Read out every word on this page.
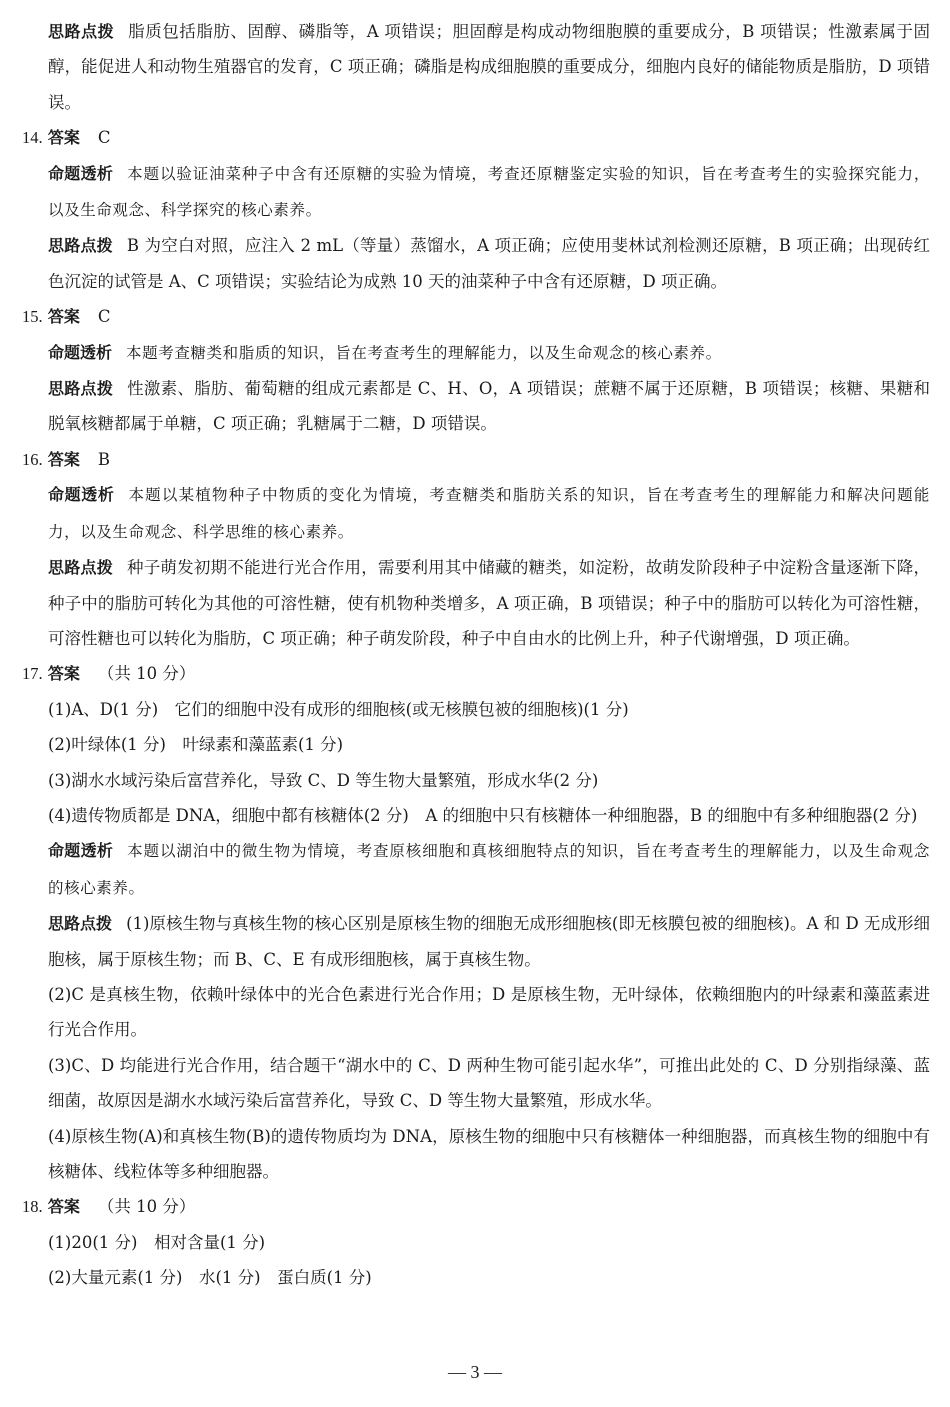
思路点拨 脂质包括脂肪、固醇、磷脂等，A 项错误；胆固醇是构成动物细胞膜的重要成分，B 项错误；性激素属于固醇，能促进人和动物生殖器官的发育，C 项正确；磷脂是构成细胞膜的重要成分，细胞内良好的储能物质是脂肪，D 项错误。

14. 答案 C

命题透析 本题以验证油菜种子中含有还原糖的实验为情境，考查还原糖鉴定实验的知识，旨在考查考生的实验探究能力，以及生命观念、科学探究的核心素养。

思路点拨 B 为空白对照，应注入 2 mL（等量）蒸馏水，A 项正确；应使用斐林试剂检测还原糖，B 项正确；出现砖红色沉淀的试管是 A、C 项错误；实验结论为成熟 10 天的油菜种子中含有还原糖，D 项正确。

15. 答案 C

命题透析 本题考查糖类和脂质的知识，旨在考查考生的理解能力，以及生命观念的核心素养。

思路点拨 性激素、脂肪、葡萄糖的组成元素都是 C、H、O，A 项错误；蔗糖不属于还原糖，B 项错误；核糖、果糖和脱氧核糖都属于单糖，C 项正确；乳糖属于二糖，D 项错误。

16. 答案 B

命题透析 本题以某植物种子中物质的变化为情境，考查糖类和脂肪关系的知识，旨在考查考生的理解能力和解决问题能力，以及生命观念、科学思维的核心素养。

思路点拨 种子萌发初期不能进行光合作用，需要利用其中储藏的糖类，如淀粉，故萌发阶段种子中淀粉含量逐渐下降，种子中的脂肪可转化为其他的可溶性糖，使有机物种类增多，A 项正确，B 项错误；种子中的脂肪可以转化为可溶性糖，可溶性糖也可以转化为脂肪，C 项正确；种子萌发阶段，种子中自由水的比例上升，种子代谢增强，D 项正确。

17. 答案 （共 10 分）

(1)A、D(1 分)　它们的细胞中没有成形的细胞核(或无核膜包被的细胞核)(1 分)

(2)叶绿体(1 分)　叶绿素和藻蓝素(1 分)

(3)湖水水域污染后富营养化，导致 C、D 等生物大量繁殖，形成水华(2 分)

(4)遗传物质都是 DNA，细胞中都有核糖体(2 分)　A 的细胞中只有核糖体一种细胞器，B 的细胞中有多种细胞器(2 分)

命题透析 本题以湖泊中的微生物为情境，考查原核细胞和真核细胞特点的知识，旨在考查考生的理解能力，以及生命观念的核心素养。

思路点拨 (1)原核生物与真核生物的核心区别是原核生物的细胞无成形细胞核(即无核膜包被的细胞核)。A 和 D 无成形细胞核，属于原核生物；而 B、C、E 有成形细胞核，属于真核生物。

(2)C 是真核生物，依赖叶绿体中的光合色素进行光合作用；D 是原核生物，无叶绿体，依赖细胞内的叶绿素和藻蓝素进行光合作用。

(3)C、D 均能进行光合作用，结合题干“湖水中的 C、D 两种生物可能引起水华”，可推出此处的 C、D 分别指绿藻、蓝细菌，故原因是湖水水域污染后富营养化，导致 C、D 等生物大量繁殖，形成水华。

(4)原核生物(A)和真核生物(B)的遗传物质均为 DNA，原核生物的细胞中只有核糖体一种细胞器，而真核生物的细胞中有核糖体、线粒体等多种细胞器。

18. 答案 （共 10 分）

(1)20(1 分)　相对含量(1 分)

(2)大量元素(1 分)　水(1 分)　蛋白质(1 分)

— 3 —
